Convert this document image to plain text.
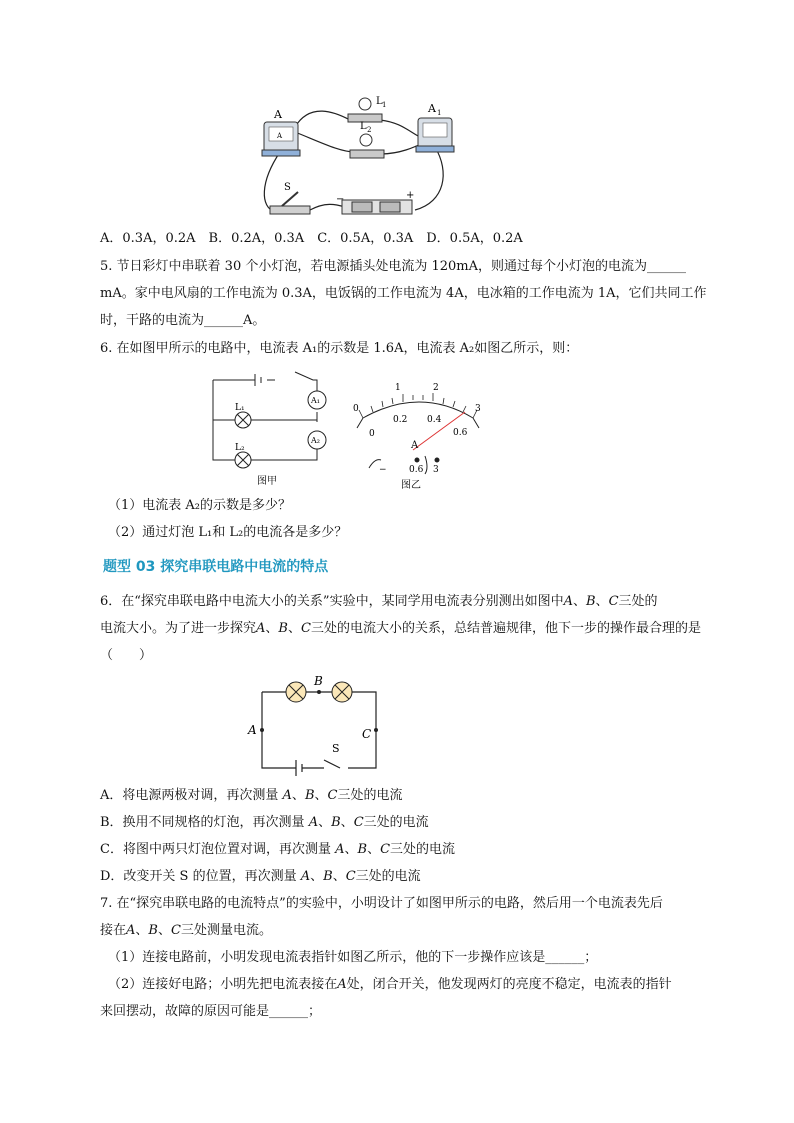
A
A	A 1
L 1
L 2
S
−	+
A．0.3A，0.2A　B．0.2A，0.3A　C．0.5A，0.3A　D．0.5A，0.2A
5. 节日彩灯中串联着 30 个小灯泡，若电源插头处电流为 120mA，则通过每个小灯泡的电流为______
mA。家中电风扇的工作电流为 0.3A，电饭锅的工作电流为 4A，电冰箱的工作电流为 1A，它们共同工作
时，干路的电流为______A。
6. 在如图甲所示的电路中，电流表 A₁的示数是 1.6A，电流表 A₂如图乙所示，则：
L₁
L₂
A₁
A₂
图甲
0
1	2
3
0
0.2 0.4
0.6
A
− 0.6 3
图乙
（1）电流表 A₂的示数是多少？
（2）通过灯泡 L₁和 L₂的电流各是多少？
题型 03 探究串联电路中电流的特点
6．在“探究串联电路中电流大小的关系”实验中，某同学用电流表分别测出如图中A、B、C三处的
电流大小。为了进一步探究A、B、C三处的电流大小的关系，总结普遍规律，他下一步的操作最合理的是
（　　）
B
A	C
S
A．将电源两极对调，再次测量 A、B、C三处的电流
B．换用不同规格的灯泡，再次测量 A、B、C三处的电流
C．将图中两只灯泡位置对调，再次测量 A、B、C三处的电流
D．改变开关 S 的位置，再次测量 A、B、C三处的电流
7. 在“探究串联电路的电流特点”的实验中，小明设计了如图甲所示的电路，然后用一个电流表先后
接在A、B、C三处测量电流。
（1）连接电路前，小明发现电流表指针如图乙所示，他的下一步操作应该是______；
（2）连接好电路；小明先把电流表接在A处，闭合开关，他发现两灯的亮度不稳定，电流表的指针
来回摆动，故障的原因可能是______；
